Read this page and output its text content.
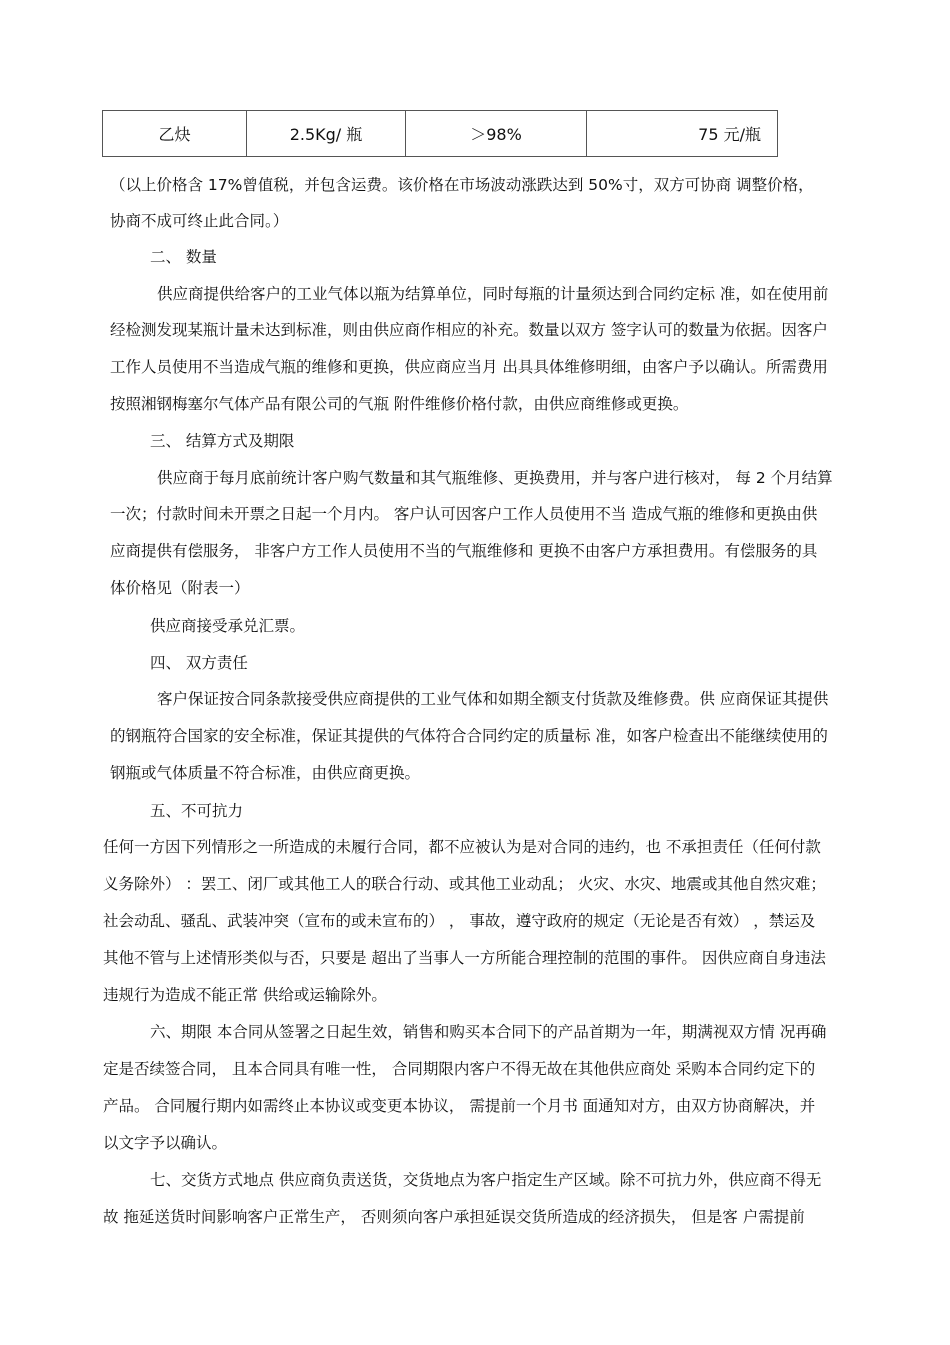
乙炔	2.5Kg/ 瓶	＞98%	75 元/瓶
（以上价格含 17%曾值税，并包含运费。该价格在市场波动涨跌达到 50%寸，双方可协商 调整价格，
协商不成可终止此合同。）
二、 数量
供应商提供给客户的工业气体以瓶为结算单位，同时每瓶的计量须达到合同约定标 准，如在使用前
经检测发现某瓶计量未达到标准，则由供应商作相应的补充。数量以双方 签字认可的数量为依据。因客户
工作人员使用不当造成气瓶的维修和更换，供应商应当月 出具具体维修明细，由客户予以确认。所需费用
按照湘钢梅塞尔气体产品有限公司的气瓶 附件维修价格付款，由供应商维修或更换。
三、 结算方式及期限
供应商于每月底前统计客户购气数量和其气瓶维修、更换费用，并与客户进行核对， 每 2 个月结算
一次；付款时间未开票之日起一个月内。 客户认可因客户工作人员使用不当 造成气瓶的维修和更换由供
应商提供有偿服务， 非客户方工作人员使用不当的气瓶维修和 更换不由客户方承担费用。有偿服务的具
体价格见（附表一）
供应商接受承兑汇票。
四、 双方责任
客户保证按合同条款接受供应商提供的工业气体和如期全额支付货款及维修费。供 应商保证其提供
的钢瓶符合国家的安全标准，保证其提供的气体符合合同约定的质量标 准，如客户检查出不能继续使用的
钢瓶或气体质量不符合标准，由供应商更换。
五、不可抗力
任何一方因下列情形之一所造成的未履行合同，都不应被认为是对合同的违约，也 不承担责任（任何付款
义务除外） ：罢工、闭厂或其他工人的联合行动、或其他工业动乱； 火灾、水灾、地震或其他自然灾难；
社会动乱、骚乱、武装冲突（宣布的或未宣布的） ， 事故，遵守政府的规定（无论是否有效） ，禁运及
其他不管与上述情形类似与否，只要是 超出了当事人一方所能合理控制的范围的事件。 因供应商自身违法
违规行为造成不能正常 供给或运输除外。
六、期限 本合同从签署之日起生效，销售和购买本合同下的产品首期为一年，期满视双方情 况再确
定是否续签合同， 且本合同具有唯一性， 合同期限内客户不得无故在其他供应商处 采购本合同约定下的
产品。 合同履行期内如需终止本协议或变更本协议， 需提前一个月书 面通知对方，由双方协商解决，并
以文字予以确认。
七、交货方式地点 供应商负责送货，交货地点为客户指定生产区域。除不可抗力外，供应商不得无
故 拖延送货时间影响客户正常生产， 否则须向客户承担延误交货所造成的经济损失， 但是客 户需提前
